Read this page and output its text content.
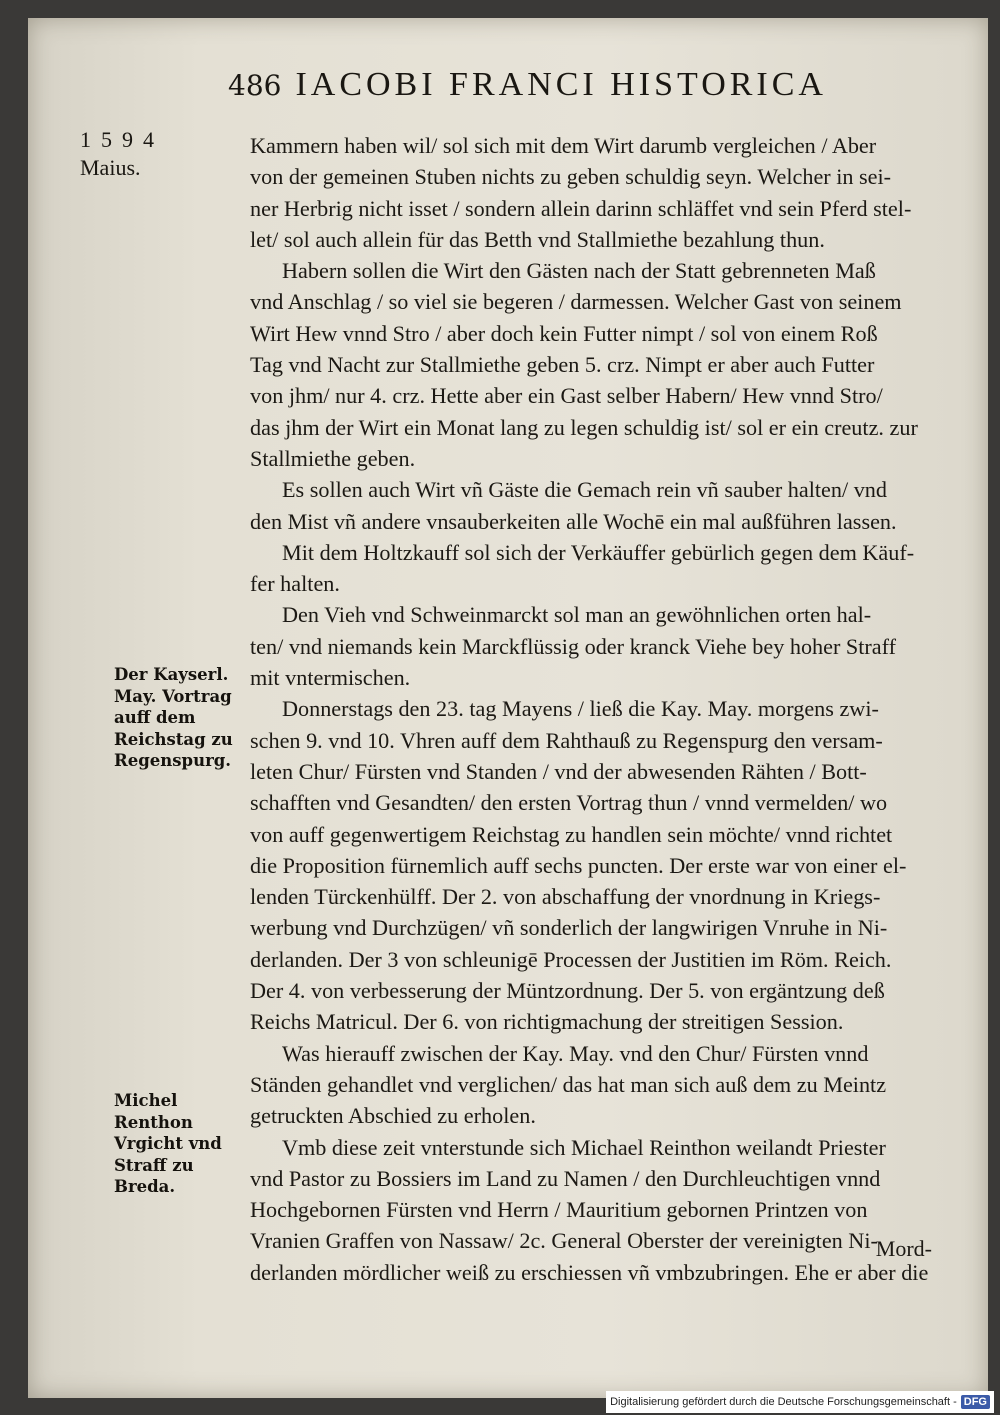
486 IACOBI FRANCI HISTORICA
1594
Maius.
Der Kayserl. May. Vortrag auff dem Reichstag zu Regenspurg.
Michel Renthon Vrgicht vnd Straff zu Breda.
Kammern haben wil/ sol sich mit dem Wirt darumb vergleichen / Aber
von der gemeinen Stuben nichts zu geben schuldig seyn. Welcher in sei-
ner Herbrig nicht isset / sondern allein darinn schläffet vnd sein Pferd stel-
let/ sol auch allein für das Betth vnd Stallmiethe bezahlung thun.
Habern sollen die Wirt den Gästen nach der Statt gebrenneten Maß
vnd Anschlag / so viel sie begeren / darmessen. Welcher Gast von seinem
Wirt Hew vnnd Stro / aber doch kein Futter nimpt / sol von einem Roß
Tag vnd Nacht zur Stallmiethe geben 5. crz. Nimpt er aber auch Futter
von jhm/ nur 4. crz. Hette aber ein Gast selber Habern/ Hew vnnd Stro/
das jhm der Wirt ein Monat lang zu legen schuldig ist/ sol er ein creutz. zur
Stallmiethe geben.
Es sollen auch Wirt vñ Gäste die Gemach rein vñ sauber halten/ vnd
den Mist vñ andere vnsauberkeiten alle Wochē ein mal außführen lassen.
Mit dem Holtzkauff sol sich der Verkäuffer gebürlich gegen dem Käuf-
fer halten.
Den Vieh vnd Schweinmarckt sol man an gewöhnlichen orten hal-
ten/ vnd niemands kein Marckflüssig oder kranck Viehe bey hoher Straff
mit vntermischen.
Donnerstags den 23. tag Mayens / ließ die Kay. May. morgens zwi-
schen 9. vnd 10. Vhren auff dem Rahthauß zu Regenspurg den versam-
leten Chur/ Fürsten vnd Standen / vnd der abwesenden Rähten / Bott-
schafften vnd Gesandten/ den ersten Vortrag thun / vnnd vermelden/ wo
von auff gegenwertigem Reichstag zu handlen sein möchte/ vnnd richtet
die Proposition fürnemlich auff sechs puncten. Der erste war von einer el-
lenden Türckenhülff. Der 2. von abschaffung der vnordnung in Kriegs-
werbung vnd Durchzügen/ vñ sonderlich der langwirigen Vnruhe in Ni-
derlanden. Der 3 von schleunigē Processen der Justitien im Röm. Reich.
Der 4. von verbesserung der Müntzordnung. Der 5. von ergäntzung deß
Reichs Matricul. Der 6. von richtigmachung der streitigen Session.
Was hierauff zwischen der Kay. May. vnd den Chur/ Fürsten vnnd
Ständen gehandlet vnd verglichen/ das hat man sich auß dem zu Meintz
getruckten Abschied zu erholen.
Vmb diese zeit vnterstunde sich Michael Reinthon weilandt Priester
vnd Pastor zu Bossiers im Land zu Namen / den Durchleuchtigen vnnd
Hochgebornen Fürsten vnd Herrn / Mauritium gebornen Printzen von
Vranien Graffen von Nassaw/ 2c. General Oberster der vereinigten Ni-
derlanden mördlicher weiß zu erschiessen vñ vmbzubringen. Ehe er aber die
Mord-
Digitalisierung gefördert durch die Deutsche Forschungsgemeinschaft - DFG
